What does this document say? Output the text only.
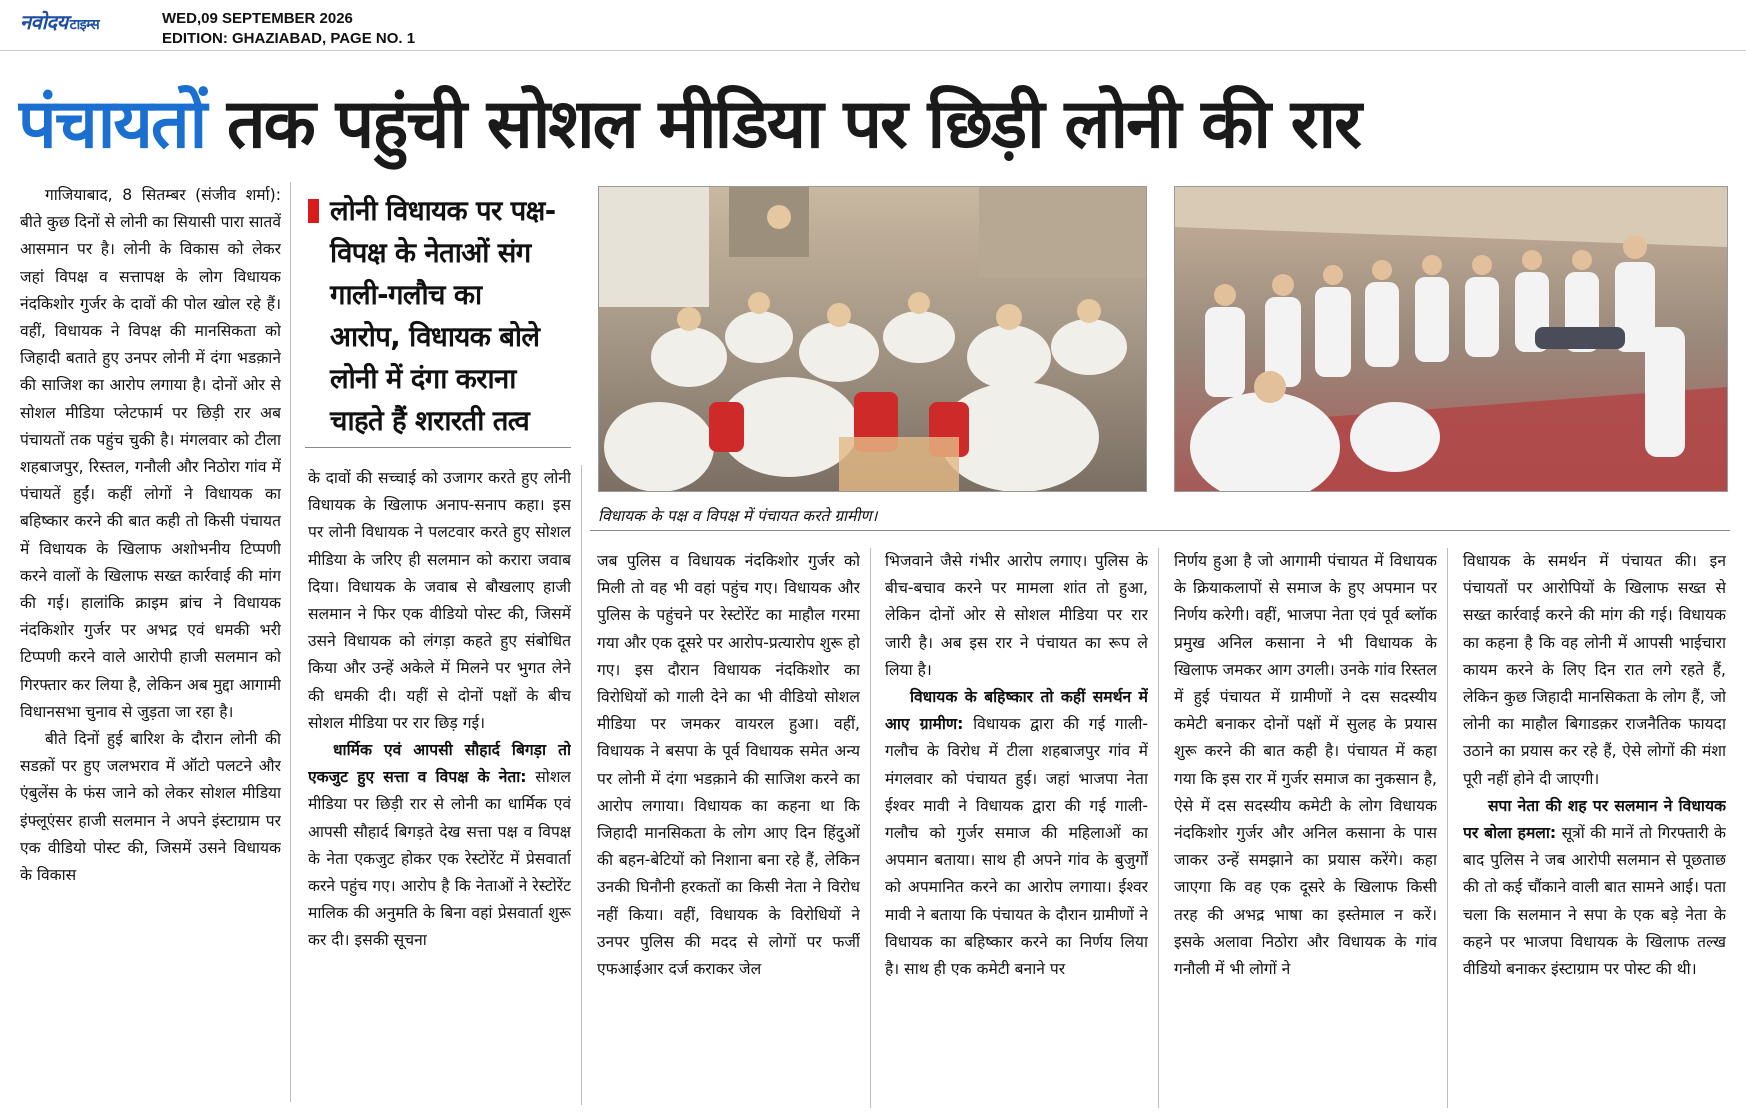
नवोदय टाइम्स	WED,09 SEPTEMBER 2026
EDITION: GHAZIABAD, PAGE NO. 1
पंचायतों तक पहुंची सोशल मीडिया पर छिड़ी लोनी की रार

गाजियाबाद, 8 सितम्बर (संजीव शर्मा): बीते कुछ दिनों से लोनी का सियासी पारा सातवें आसमान पर है। लोनी के विकास को लेकर जहां विपक्ष व सत्तापक्ष के लोग विधायक नंदकिशोर गुर्जर के दावों की पोल खोल रहे हैं। वहीं, विधायक ने विपक्ष की मानसिकता को जिहादी बताते हुए उनपर लोनी में दंगा भडक़ाने की साजिश का आरोप लगाया है। दोनों ओर से सोशल मीडिया प्लेटफार्म पर छिड़ी रार अब पंचायतों तक पहुंच चुकी है। मंगलवार को टीला शहबाजपुर, रिस्तल, गनौली और निठोरा गांव में पंचायतें हुईं। कहीं लोगों ने विधायक का बहिष्कार करने की बात कही तो किसी पंचायत में विधायक के खिलाफ अशोभनीय टिप्पणी करने वालों के खिलाफ सख्त कार्रवाई की मांग की गई। हालांकि क्राइम ब्रांच ने विधायक नंदकिशोर गुर्जर पर अभद्र एवं धमकी भरी टिप्पणी करने वाले आरोपी हाजी सलमान को गिरफ्तार कर लिया है, लेकिन अब मुद्दा आगामी विधानसभा चुनाव से जुड़ता जा रहा है।

बीते दिनों हुई बारिश के दौरान लोनी की सडक़ों पर हुए जलभराव में ऑटो पलटने और एंबुलेंस के फंस जाने को लेकर सोशल मीडिया इंफ्लूएंसर हाजी सलमान ने अपने इंस्टाग्राम पर एक वीडियो पोस्ट की, जिसमें उसने विधायक के विकास

लोनी विधायक पर पक्ष-विपक्ष के नेताओं संग गाली-गलौच का आरोप, विधायक बोले लोनी में दंगा कराना चाहते हैं शरारती तत्व

के दावों की सच्चाई को उजागर करते हुए लोनी विधायक के खिलाफ अनाप-सनाप कहा। इस पर लोनी विधायक ने पलटवार करते हुए सोशल मीडिया के जरिए ही सलमान को करारा जवाब दिया। विधायक के जवाब से बौखलाए हाजी सलमान ने फिर एक वीडियो पोस्ट की, जिसमें उसने विधायक को लंगड़ा कहते हुए संबोधित किया और उन्हें अकेले में मिलने पर भुगत लेने की धमकी दी। यहीं से दोनों पक्षों के बीच सोशल मीडिया पर रार छिड़ गई।

धार्मिक एवं आपसी सौहार्द बिगड़ा तो एकजुट हुए सत्ता व विपक्ष के नेता: सोशल मीडिया पर छिड़ी रार से लोनी का धार्मिक एवं आपसी सौहार्द बिगड़ते देख सत्ता पक्ष व विपक्ष के नेता एकजुट होकर एक रेस्टोरेंट में प्रेसवार्ता करने पहुंच गए। आरोप है कि नेताओं ने रेस्टोरेंट मालिक की अनुमति के बिना वहां प्रेसवार्ता शुरू कर दी। इसकी सूचना

विधायक के पक्ष व विपक्ष में पंचायत करते ग्रामीण।

जब पुलिस व विधायक नंदकिशोर गुर्जर को मिली तो वह भी वहां पहुंच गए। विधायक और पुलिस के पहुंचने पर रेस्टोरेंट का माहौल गरमा गया और एक दूसरे पर आरोप-प्रत्यारोप शुरू हो गए। इस दौरान विधायक नंदकिशोर का विरोधियों को गाली देने का भी वीडियो सोशल मीडिया पर जमकर वायरल हुआ। वहीं, विधायक ने बसपा के पूर्व विधायक समेत अन्य पर लोनी में दंगा भडक़ाने की साजिश करने का आरोप लगाया। विधायक का कहना था कि जिहादी मानसिकता के लोग आए दिन हिंदुओं की बहन-बेटियों को निशाना बना रहे हैं, लेकिन उनकी घिनौनी हरकतों का किसी नेता ने विरोध नहीं किया। वहीं, विधायक के विरोधियों ने उनपर पुलिस की मदद से लोगों पर फर्जी एफआईआर दर्ज कराकर जेल

भिजवाने जैसे गंभीर आरोप लगाए। पुलिस के बीच-बचाव करने पर मामला शांत तो हुआ, लेकिन दोनों ओर से सोशल मीडिया पर रार जारी है। अब इस रार ने पंचायत का रूप ले लिया है।

विधायक के बहिष्कार तो कहीं समर्थन में आए ग्रामीण: विधायक द्वारा की गई गाली-गलौच के विरोध में टीला शहबाजपुर गांव में मंगलवार को पंचायत हुई। जहां भाजपा नेता ईश्वर मावी ने विधायक द्वारा की गई गाली-गलौच को गुर्जर समाज की महिलाओं का अपमान बताया। साथ ही अपने गांव के बुजुर्गों को अपमानित करने का आरोप लगाया। ईश्वर मावी ने बताया कि पंचायत के दौरान ग्रामीणों ने विधायक का बहिष्कार करने का निर्णय लिया है। साथ ही एक कमेटी बनाने पर

निर्णय हुआ है जो आगामी पंचायत में विधायक के क्रियाकलापों से समाज के हुए अपमान पर निर्णय करेगी। वहीं, भाजपा नेता एवं पूर्व ब्लॉक प्रमुख अनिल कसाना ने भी विधायक के खिलाफ जमकर आग उगली। उनके गांव रिस्तल में हुई पंचायत में ग्रामीणों ने दस सदस्यीय कमेटी बनाकर दोनों पक्षों में सुलह के प्रयास शुरू करने की बात कही है। पंचायत में कहा गया कि इस रार में गुर्जर समाज का नुकसान है, ऐसे में दस सदस्यीय कमेटी के लोग विधायक नंदकिशोर गुर्जर और अनिल कसाना के पास जाकर उन्हें समझाने का प्रयास करेंगे। कहा जाएगा कि वह एक दूसरे के खिलाफ किसी तरह की अभद्र भाषा का इस्तेमाल न करें। इसके अलावा निठोरा और विधायक के गांव गनौली में भी लोगों ने

विधायक के समर्थन में पंचायत की। इन पंचायतों पर आरोपियों के खिलाफ सख्त से सख्त कार्रवाई करने की मांग की गई। विधायक का कहना है कि वह लोनी में आपसी भाईचारा कायम करने के लिए दिन रात लगे रहते हैं, लेकिन कुछ जिहादी मानसिकता के लोग हैं, जो लोनी का माहौल बिगाडक़र राजनैतिक फायदा उठाने का प्रयास कर रहे हैं, ऐसे लोगों की मंशा पूरी नहीं होने दी जाएगी।

सपा नेता की शह पर सलमान ने विधायक पर बोला हमला: सूत्रों की मानें तो गिरफ्तारी के बाद पुलिस ने जब आरोपी सलमान से पूछताछ की तो कई चौंकाने वाली बात सामने आई। पता चला कि सलमान ने सपा के एक बड़े नेता के कहने पर भाजपा विधायक के खिलाफ तल्ख वीडियो बनाकर इंस्टाग्राम पर पोस्ट की थी।
